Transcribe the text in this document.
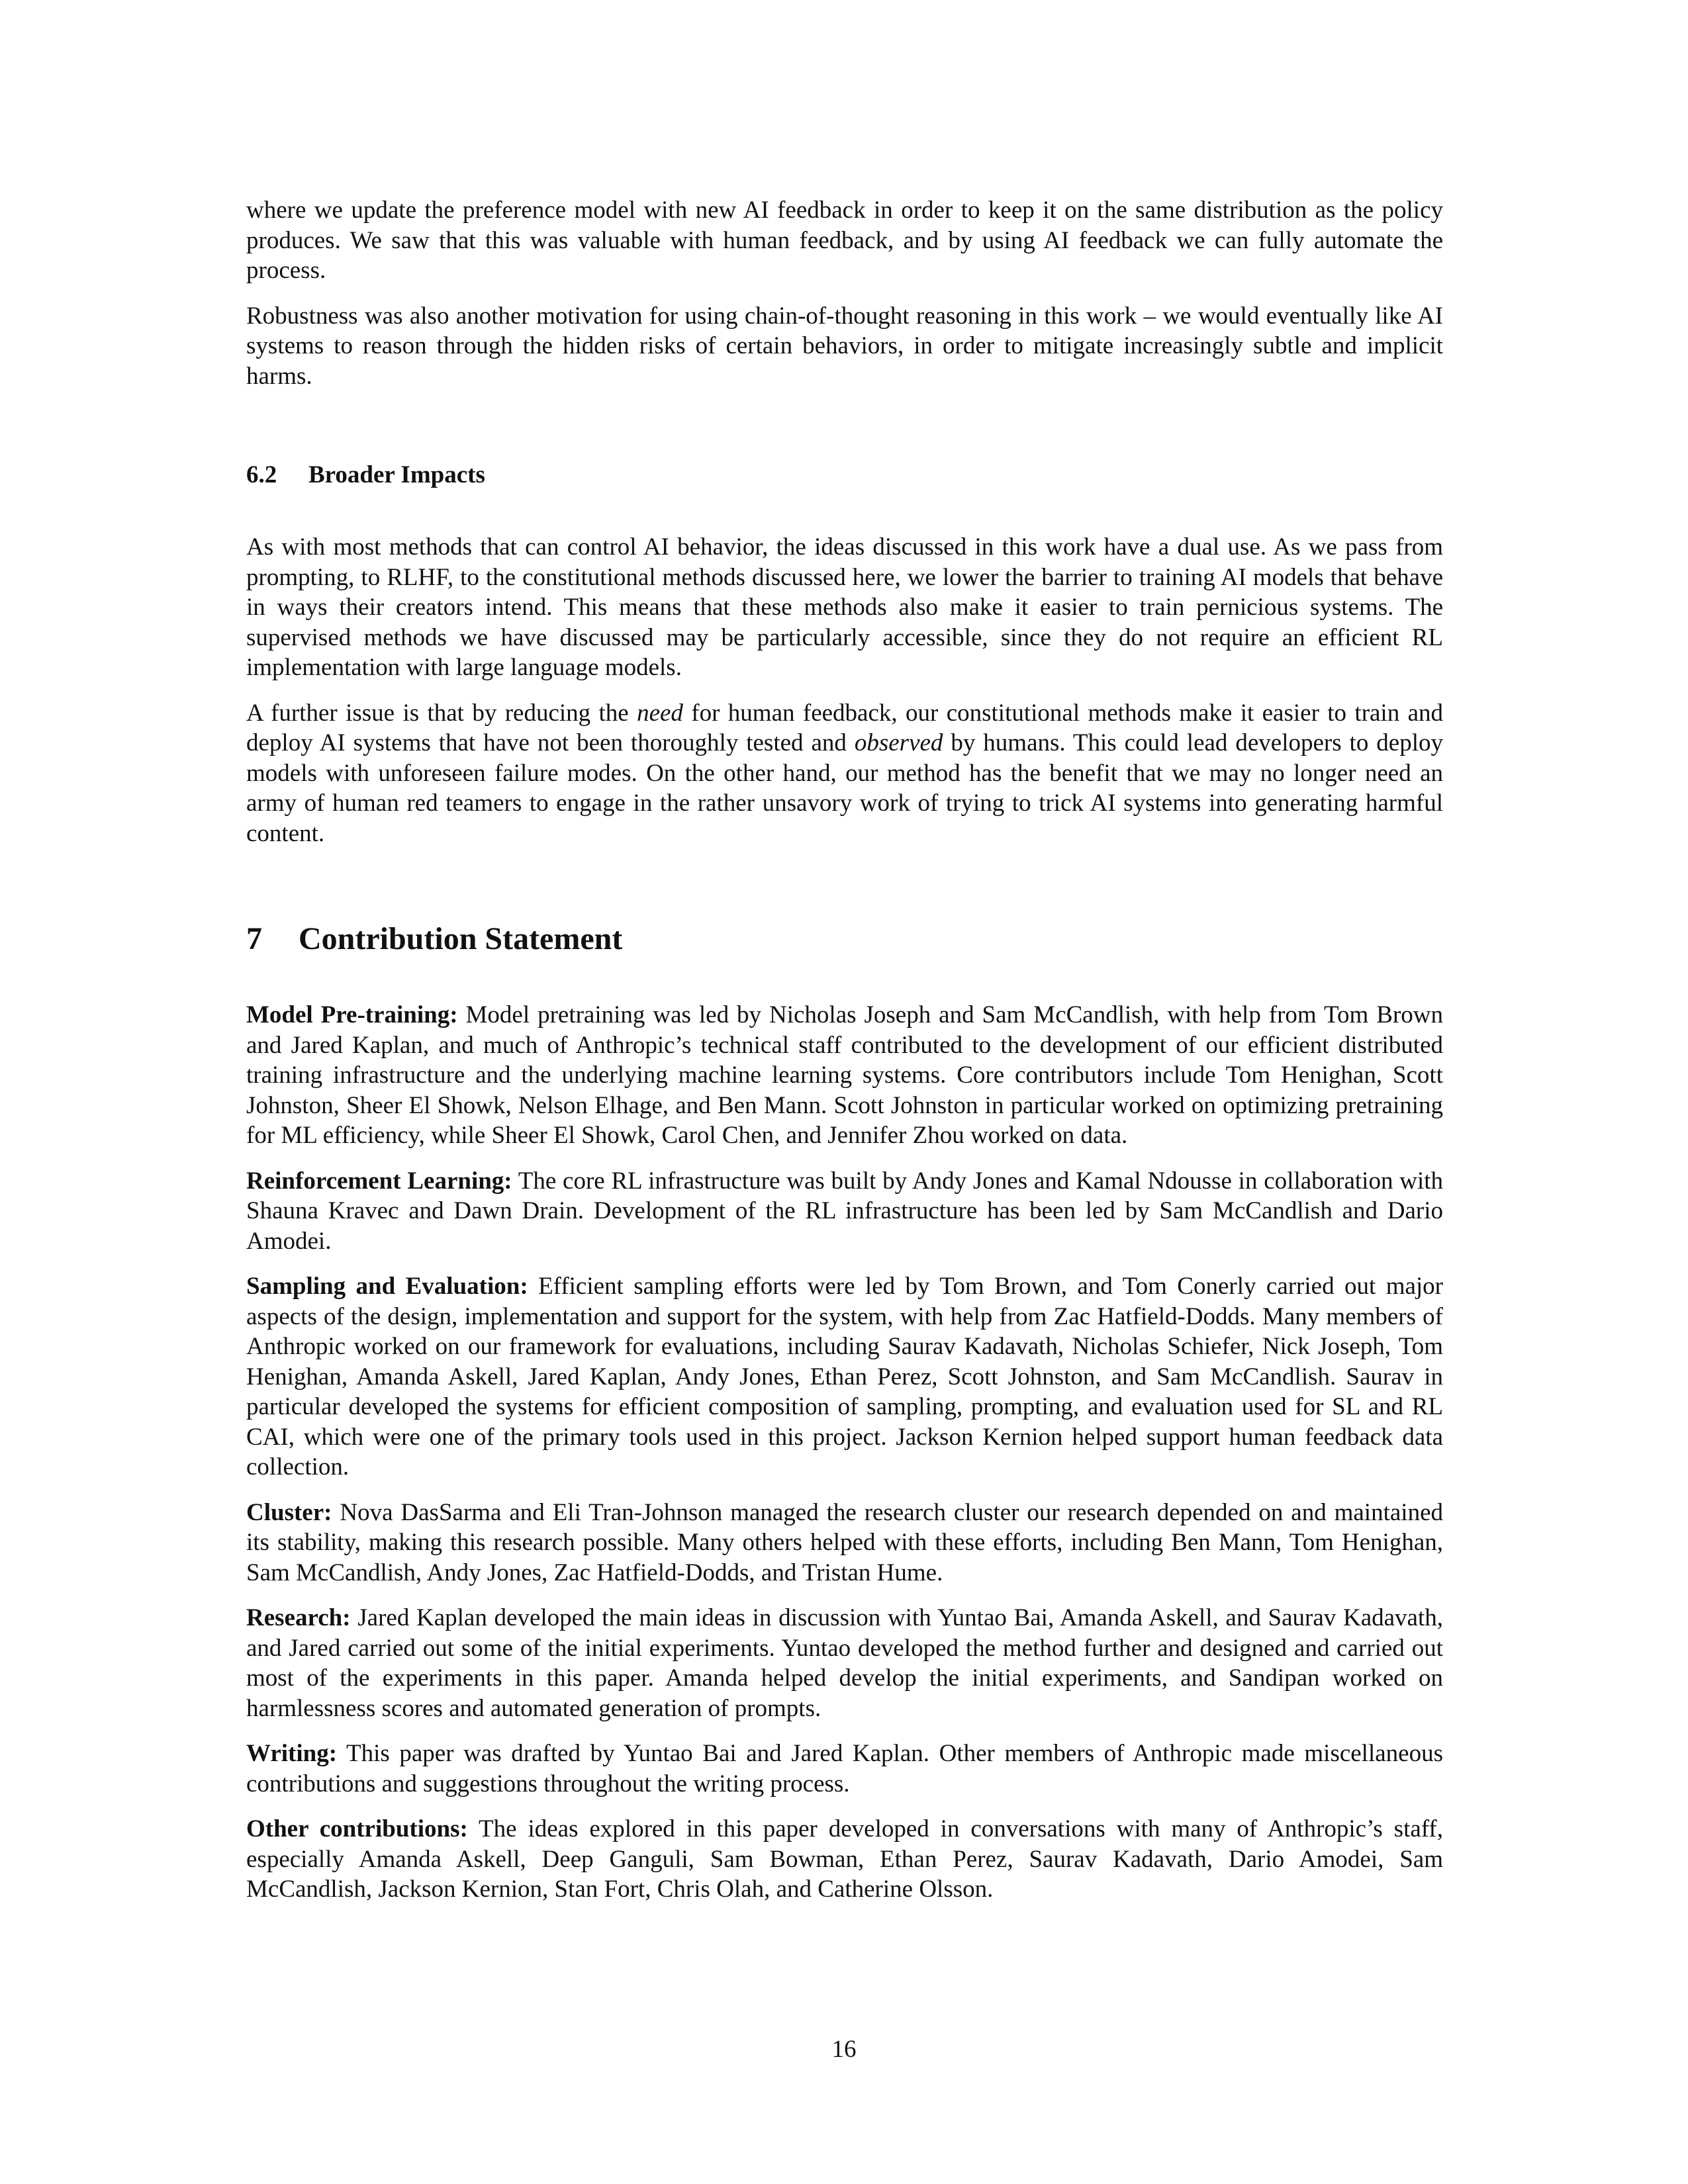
where we update the preference model with new AI feedback in order to keep it on the same distribution as the policy produces. We saw that this was valuable with human feedback, and by using AI feedback we can fully automate the process.

Robustness was also another motivation for using chain-of-thought reasoning in this work – we would eventually like AI systems to reason through the hidden risks of certain behaviors, in order to mitigate increasingly subtle and implicit harms.

6.2 Broader Impacts

As with most methods that can control AI behavior, the ideas discussed in this work have a dual use. As we pass from prompting, to RLHF, to the constitutional methods discussed here, we lower the barrier to training AI models that behave in ways their creators intend. This means that these methods also make it easier to train pernicious systems. The supervised methods we have discussed may be particularly accessible, since they do not require an efficient RL implementation with large language models.

A further issue is that by reducing the need for human feedback, our constitutional methods make it easier to train and deploy AI systems that have not been thoroughly tested and observed by humans. This could lead developers to deploy models with unforeseen failure modes. On the other hand, our method has the benefit that we may no longer need an army of human red teamers to engage in the rather unsavory work of trying to trick AI systems into generating harmful content.

7 Contribution Statement

Model Pre-training: Model pretraining was led by Nicholas Joseph and Sam McCandlish, with help from Tom Brown and Jared Kaplan, and much of Anthropic’s technical staff contributed to the development of our efficient distributed training infrastructure and the underlying machine learning systems. Core contributors include Tom Henighan, Scott Johnston, Sheer El Showk, Nelson Elhage, and Ben Mann. Scott Johnston in particular worked on optimizing pretraining for ML efficiency, while Sheer El Showk, Carol Chen, and Jennifer Zhou worked on data.

Reinforcement Learning: The core RL infrastructure was built by Andy Jones and Kamal Ndousse in collaboration with Shauna Kravec and Dawn Drain. Development of the RL infrastructure has been led by Sam McCandlish and Dario Amodei.

Sampling and Evaluation: Efficient sampling efforts were led by Tom Brown, and Tom Conerly carried out major aspects of the design, implementation and support for the system, with help from Zac Hatfield-Dodds. Many members of Anthropic worked on our framework for evaluations, including Saurav Kadavath, Nicholas Schiefer, Nick Joseph, Tom Henighan, Amanda Askell, Jared Kaplan, Andy Jones, Ethan Perez, Scott Johnston, and Sam McCandlish. Saurav in particular developed the systems for efficient composition of sampling, prompting, and evaluation used for SL and RL CAI, which were one of the primary tools used in this project. Jackson Kernion helped support human feedback data collection.

Cluster: Nova DasSarma and Eli Tran-Johnson managed the research cluster our research depended on and maintained its stability, making this research possible. Many others helped with these efforts, including Ben Mann, Tom Henighan, Sam McCandlish, Andy Jones, Zac Hatfield-Dodds, and Tristan Hume.

Research: Jared Kaplan developed the main ideas in discussion with Yuntao Bai, Amanda Askell, and Saurav Kadavath, and Jared carried out some of the initial experiments. Yuntao developed the method further and designed and carried out most of the experiments in this paper. Amanda helped develop the initial experiments, and Sandipan worked on harmlessness scores and automated generation of prompts.

Writing: This paper was drafted by Yuntao Bai and Jared Kaplan. Other members of Anthropic made miscellaneous contributions and suggestions throughout the writing process.

Other contributions: The ideas explored in this paper developed in conversations with many of Anthropic’s staff, especially Amanda Askell, Deep Ganguli, Sam Bowman, Ethan Perez, Saurav Kadavath, Dario Amodei, Sam McCandlish, Jackson Kernion, Stan Fort, Chris Olah, and Catherine Olsson.

16
